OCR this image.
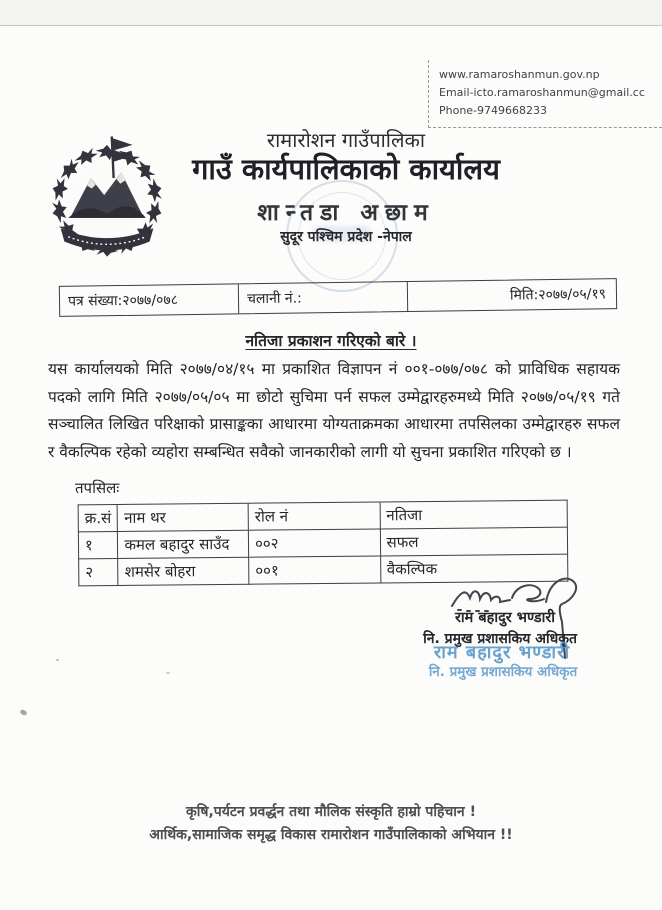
www.ramaroshanmun.gov.np
Email-icto.ramaroshanmun@gmail.cc
Phone-9749668233
रामारोशन गाउँपालिका
गाउँ कार्यपालिकाको कार्यालय
शान्तडा अछाम
सुदूर पश्चिम प्रदेश -नेपाल
पत्र संख्या:२०७७/०७८	चलानी नं.:	मिति:२०७७/०५/१९
नतिजा प्रकाशन गरिएको बारे ।
यस कार्यालयको मिति २०७७/०४/१५ मा प्रकाशित विज्ञापन नं ००१-०७७/०७८ को प्राविधिक सहायक पदको लागि मिति २०७७/०५/०५ मा छोटो सुचिमा पर्न सफल उम्मेद्वारहरुमध्ये मिति २०७७/०५/१९ गते सञ्चालित लिखित परिक्षाको प्रासाङ्कका आधारमा योग्यताक्रमका आधारमा तपसिलका उम्मेद्वारहरु सफल र वैकल्पिक रहेको व्यहोरा सम्बन्धित सवैको जानकारीको लागी यो सुचना प्रकाशित गरिएको छ ।
तपसिलः
क्र.सं	नाम थर	रोल नं	नतिजा
१	कमल बहादुर साउँद	००२	सफल
२	शमसेर बोहरा	००१	वैकल्पिक
राम बहादुर भण्डारी
नि. प्रमुख प्रशासकिय अधिकृत
राम बहादुर भण्डारी
नि. प्रमुख प्रशासकिय अधिकृत
कृषि,पर्यटन प्रवर्द्धन तथा मौलिक संस्कृति हाम्रो पहिचान !
आर्थिक,सामाजिक समृद्ध विकास रामारोशन गाउँपालिकाको अभियान !!
